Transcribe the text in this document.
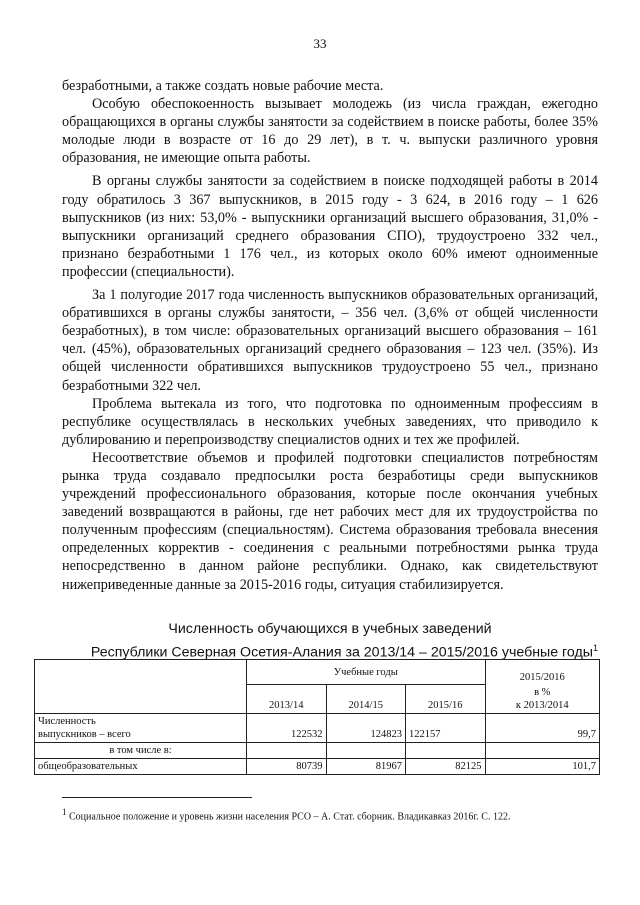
33

безработными, а также создать новые рабочие места.

Особую обеспокоенность вызывает молодежь (из числа граждан, ежегодно обращающихся в органы службы занятости за содействием в поиске работы, более 35% молодые люди в возрасте от 16 до 29 лет), в т. ч. выпуски различного уровня образования, не имеющие опыта работы.

В органы службы занятости за содействием в поиске подходящей работы в 2014 году обратилось 3 367 выпускников, в 2015 году - 3 624, в 2016 году – 1 626 выпускников (из них: 53,0% - выпускники организаций высшего образования, 31,0% - выпускники организаций среднего образования СПО), трудоустроено 332 чел., признано безработными 1 176 чел., из которых около 60% имеют одноименные профессии (специальности).

За 1 полугодие 2017 года численность выпускников образовательных организаций, обратившихся в органы службы занятости, – 356 чел. (3,6% от общей численности безработных), в том числе: образовательных организаций высшего образования – 161 чел. (45%), образовательных организаций среднего образования – 123 чел. (35%). Из общей численности обратившихся выпускников трудоустроено 55 чел., признано безработными 322 чел.

Проблема вытекала из того, что подготовка по одноименным профессиям в республике осуществлялась в нескольких учебных заведениях, что приводило к дублированию и перепроизводству специалистов одних и тех же профилей.

Несоответствие объемов и профилей подготовки специалистов потребностям рынка труда создавало предпосылки роста безработицы среди выпускников учреждений профессионального образования, которые после окончания учебных заведений возвращаются в районы, где нет рабочих мест для их трудоустройства по полученным профессиям (специальностям). Система образования требовала внесения определенных корректив - соединения с реальными потребностями рынка труда непосредственно в данном районе республики. Однако, как свидетельствуют нижеприведенные данные за 2015-2016 годы, ситуация стабилизируется.

Численность обучающихся в учебных заведений
Республики Северная Осетия-Алания за 2013/14 – 2015/2016 учебные годы$^1$
	Учебные годы			2015/2016
	2013/14	2014/15	2015/16	в %
к 2013/2014
Численность
выпускников – всего	122532	124823	122157	99,7
в том числе в:				
общеобразовательных	80739	81967	82125	101,7
$^1$ Социальное положение и уровень жизни населения РСО – А. Стат. сборник. Владикавказ 2016г. С. 122.
